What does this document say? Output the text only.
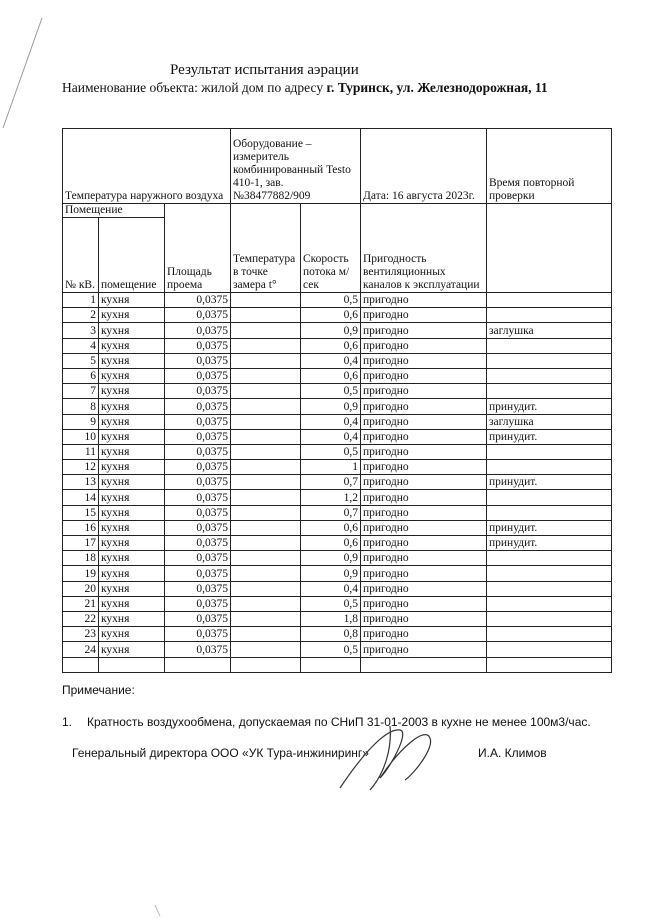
Результат испытания аэрации
Наименование объекта: жилой дом по адресу г. Туринск, ул. Железнодорожная, 11
Температура наружного воздуха			Оборудование – измеритель комбинированный Testo 410-1, зав. №38477882/909		Дата: 16 августа 2023г.	Время повторной проверки
Помещение		Площадь проема	Температура в точке замера t°	Скорость потока м/сек	Пригодность вентиляционных каналов к эксплуатации	
№ кВ.	помещение					
1	кухня	0,0375		0,5	пригодно	
2	кухня	0,0375		0,6	пригодно	
3	кухня	0,0375		0,9	пригодно	заглушка
4	кухня	0,0375		0,6	пригодно	
5	кухня	0,0375		0,4	пригодно	
6	кухня	0,0375		0,6	пригодно	
7	кухня	0,0375		0,5	пригодно	
8	кухня	0,0375		0,9	пригодно	принудит.
9	кухня	0,0375		0,4	пригодно	заглушка
10	кухня	0,0375		0,4	пригодно	принудит.
11	кухня	0,0375		0,5	пригодно	
12	кухня	0,0375		1	пригодно	
13	кухня	0,0375		0,7	пригодно	принудит.
14	кухня	0,0375		1,2	пригодно	
15	кухня	0,0375		0,7	пригодно	
16	кухня	0,0375		0,6	пригодно	принудит.
17	кухня	0,0375		0,6	пригодно	принудит.
18	кухня	0,0375		0,9	пригодно	
19	кухня	0,0375		0,9	пригодно	
20	кухня	0,0375		0,4	пригодно	
21	кухня	0,0375		0,5	пригодно	
22	кухня	0,0375		1,8	пригодно	
23	кухня	0,0375		0,8	пригодно	
24	кухня	0,0375		0,5	пригодно	

Примечание:
1. Кратность воздухообмена, допускаемая по СНиП 31-01-2003 в кухне не менее 100м3/час.
Генеральный директора ООО «УК Тура-инжиниринг»	И.А. Климов
